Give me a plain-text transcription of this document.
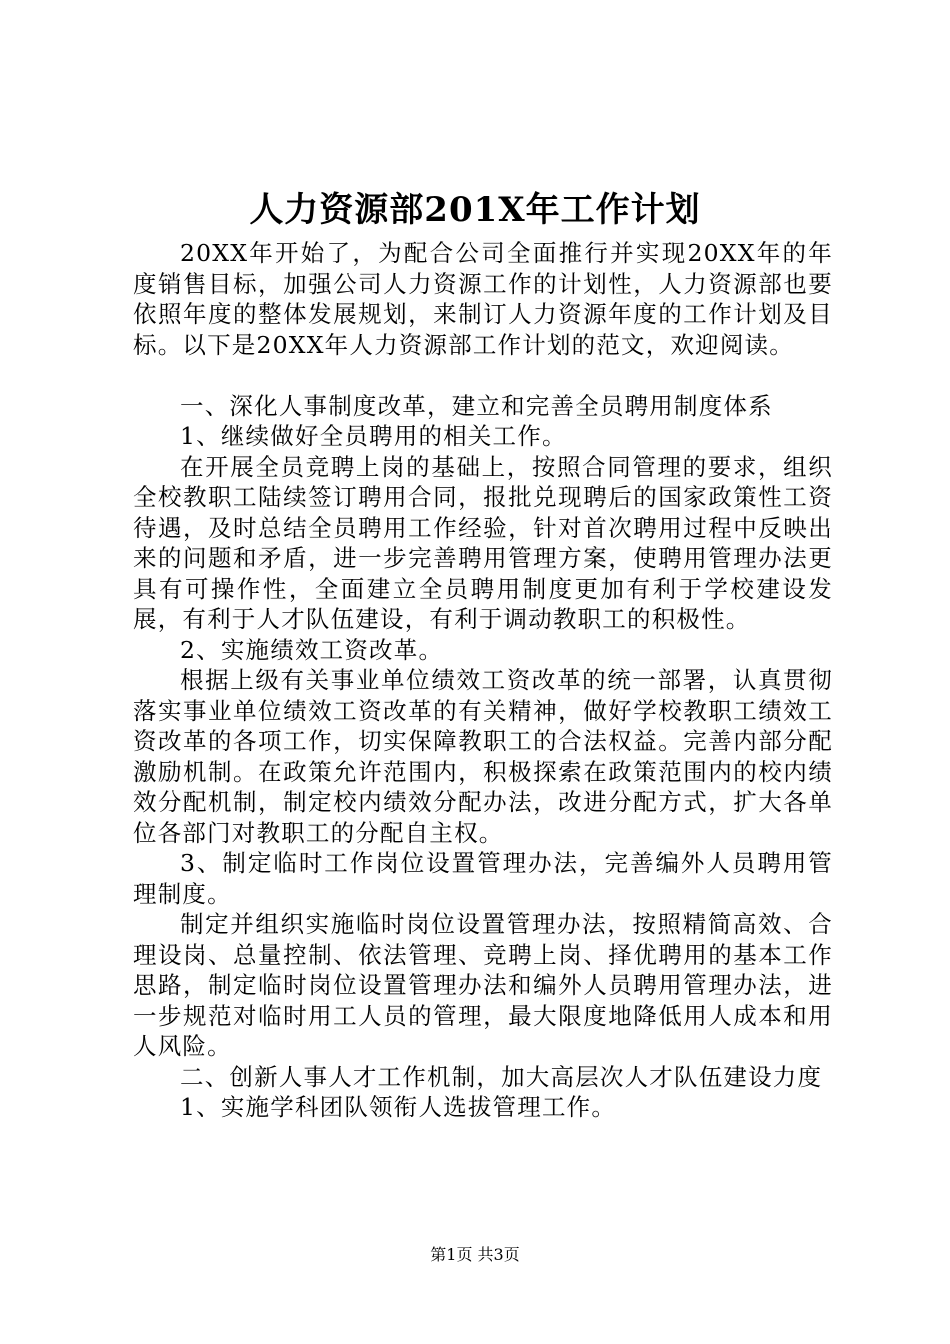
人力资源部201X年工作计划

20XX年开始了，为配合公司全面推行并实现20XX年的年度销售目标，加强公司人力资源工作的计划性，人力资源部也要依照年度的整体发展规划，来制订人力资源年度的工作计划及目标。以下是20XX年人力资源部工作计划的范文，欢迎阅读。

一、深化人事制度改革，建立和完善全员聘用制度体系

1、继续做好全员聘用的相关工作。

在开展全员竞聘上岗的基础上，按照合同管理的要求，组织全校教职工陆续签订聘用合同，报批兑现聘后的国家政策性工资待遇，及时总结全员聘用工作经验，针对首次聘用过程中反映出来的问题和矛盾，进一步完善聘用管理方案，使聘用管理办法更具有可操作性，全面建立全员聘用制度更加有利于学校建设发展，有利于人才队伍建设，有利于调动教职工的积极性。

2、实施绩效工资改革。

根据上级有关事业单位绩效工资改革的统一部署，认真贯彻落实事业单位绩效工资改革的有关精神，做好学校教职工绩效工资改革的各项工作，切实保障教职工的合法权益。完善内部分配激励机制。在政策允许范围内，积极探索在政策范围内的校内绩效分配机制，制定校内绩效分配办法，改进分配方式，扩大各单位各部门对教职工的分配自主权。

3、制定临时工作岗位设置管理办法，完善编外人员聘用管理制度。

制定并组织实施临时岗位设置管理办法，按照精简高效、合理设岗、总量控制、依法管理、竞聘上岗、择优聘用的基本工作思路，制定临时岗位设置管理办法和编外人员聘用管理办法，进一步规范对临时用工人员的管理，最大限度地降低用人成本和用人风险。

二、创新人事人才工作机制，加大高层次人才队伍建设力度

1、实施学科团队领衔人选拔管理工作。

第1页 共3页
